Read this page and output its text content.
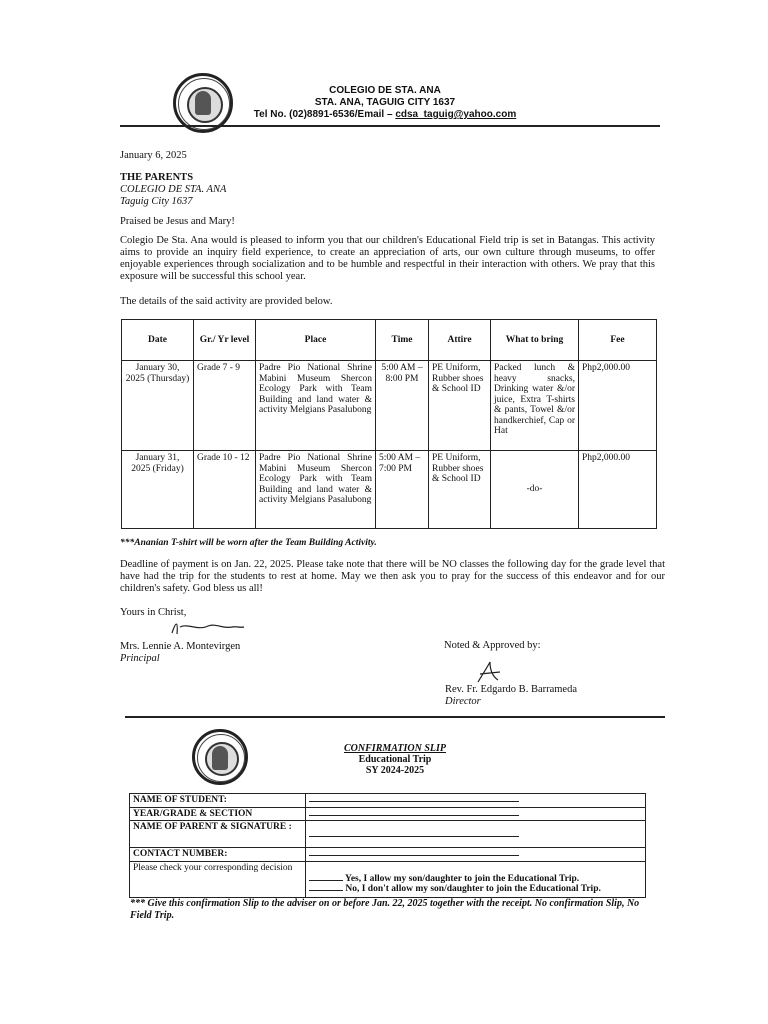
COLEGIO DE STA. ANA
STA. ANA, TAGUIG CITY 1637
Tel No. (02)8891-6536/Email – cdsa_taguig@yahoo.com
January 6, 2025
THE PARENTS
COLEGIO DE STA. ANA
Taguig City 1637
Praised be Jesus and Mary!
Colegio De Sta. Ana would is pleased to inform you that our children's Educational Field trip is set in Batangas. This activity aims to provide an inquiry field experience, to create an appreciation of arts, our own culture through museums, to offer enjoyable experiences through socialization and to be humble and respectful in their interaction with others. We pray that this exposure will be successful this school year.
The details of the said activity are provided below.
Date	Gr./ Yr level	Place	Time	Attire	What to bring	Fee
January 30, 2025 (Thursday)	Grade 7 - 9	Padre Pio National Shrine Mabini Museum Shercon Ecology Park with Team Building and land water & activity Melgians Pasalubong	5:00 AM – 8:00 PM	PE Uniform, Rubber shoes & School ID	Packed lunch & heavy snacks, Drinking water &/or juice, Extra T-shirts & pants, Towel &/or handkerchief, Cap or Hat	Php2,000.00
January 31, 2025 (Friday)	Grade 10 - 12	Padre Pio National Shrine Mabini Museum Shercon Ecology Park with Team Building and land water & activity Melgians Pasalubong	5:00 AM – 7:00 PM	PE Uniform, Rubber shoes & School ID	-do-	Php2,000.00
***Ananian T-shirt will be worn after the Team Building Activity.
Deadline of payment is on Jan. 22, 2025. Please take note that there will be NO classes the following day for the grade level that have had the trip for the students to rest at home. May we then ask you to pray for the success of this endeavor and for our children's safety. God bless us all!
Yours in Christ,
Mrs. Lennie A. Montevirgen
Principal
Noted & Approved by:
Rev. Fr. Edgardo B. Barrameda
Director
CONFIRMATION SLIP
Educational Trip
SY 2024-2025
NAME OF STUDENT:	

YEAR/GRADE & SECTION	

NAME OF PARENT & SIGNATURE :	

CONTACT NUMBER:	

Please check your corresponding decision	Yes, I allow my son/daughter to join the Educational Trip.
No, I don't allow my son/daughter to join the Educational Trip.
*** Give this confirmation Slip to the adviser on or before Jan. 22, 2025 together with the receipt. No confirmation Slip, No Field Trip.
